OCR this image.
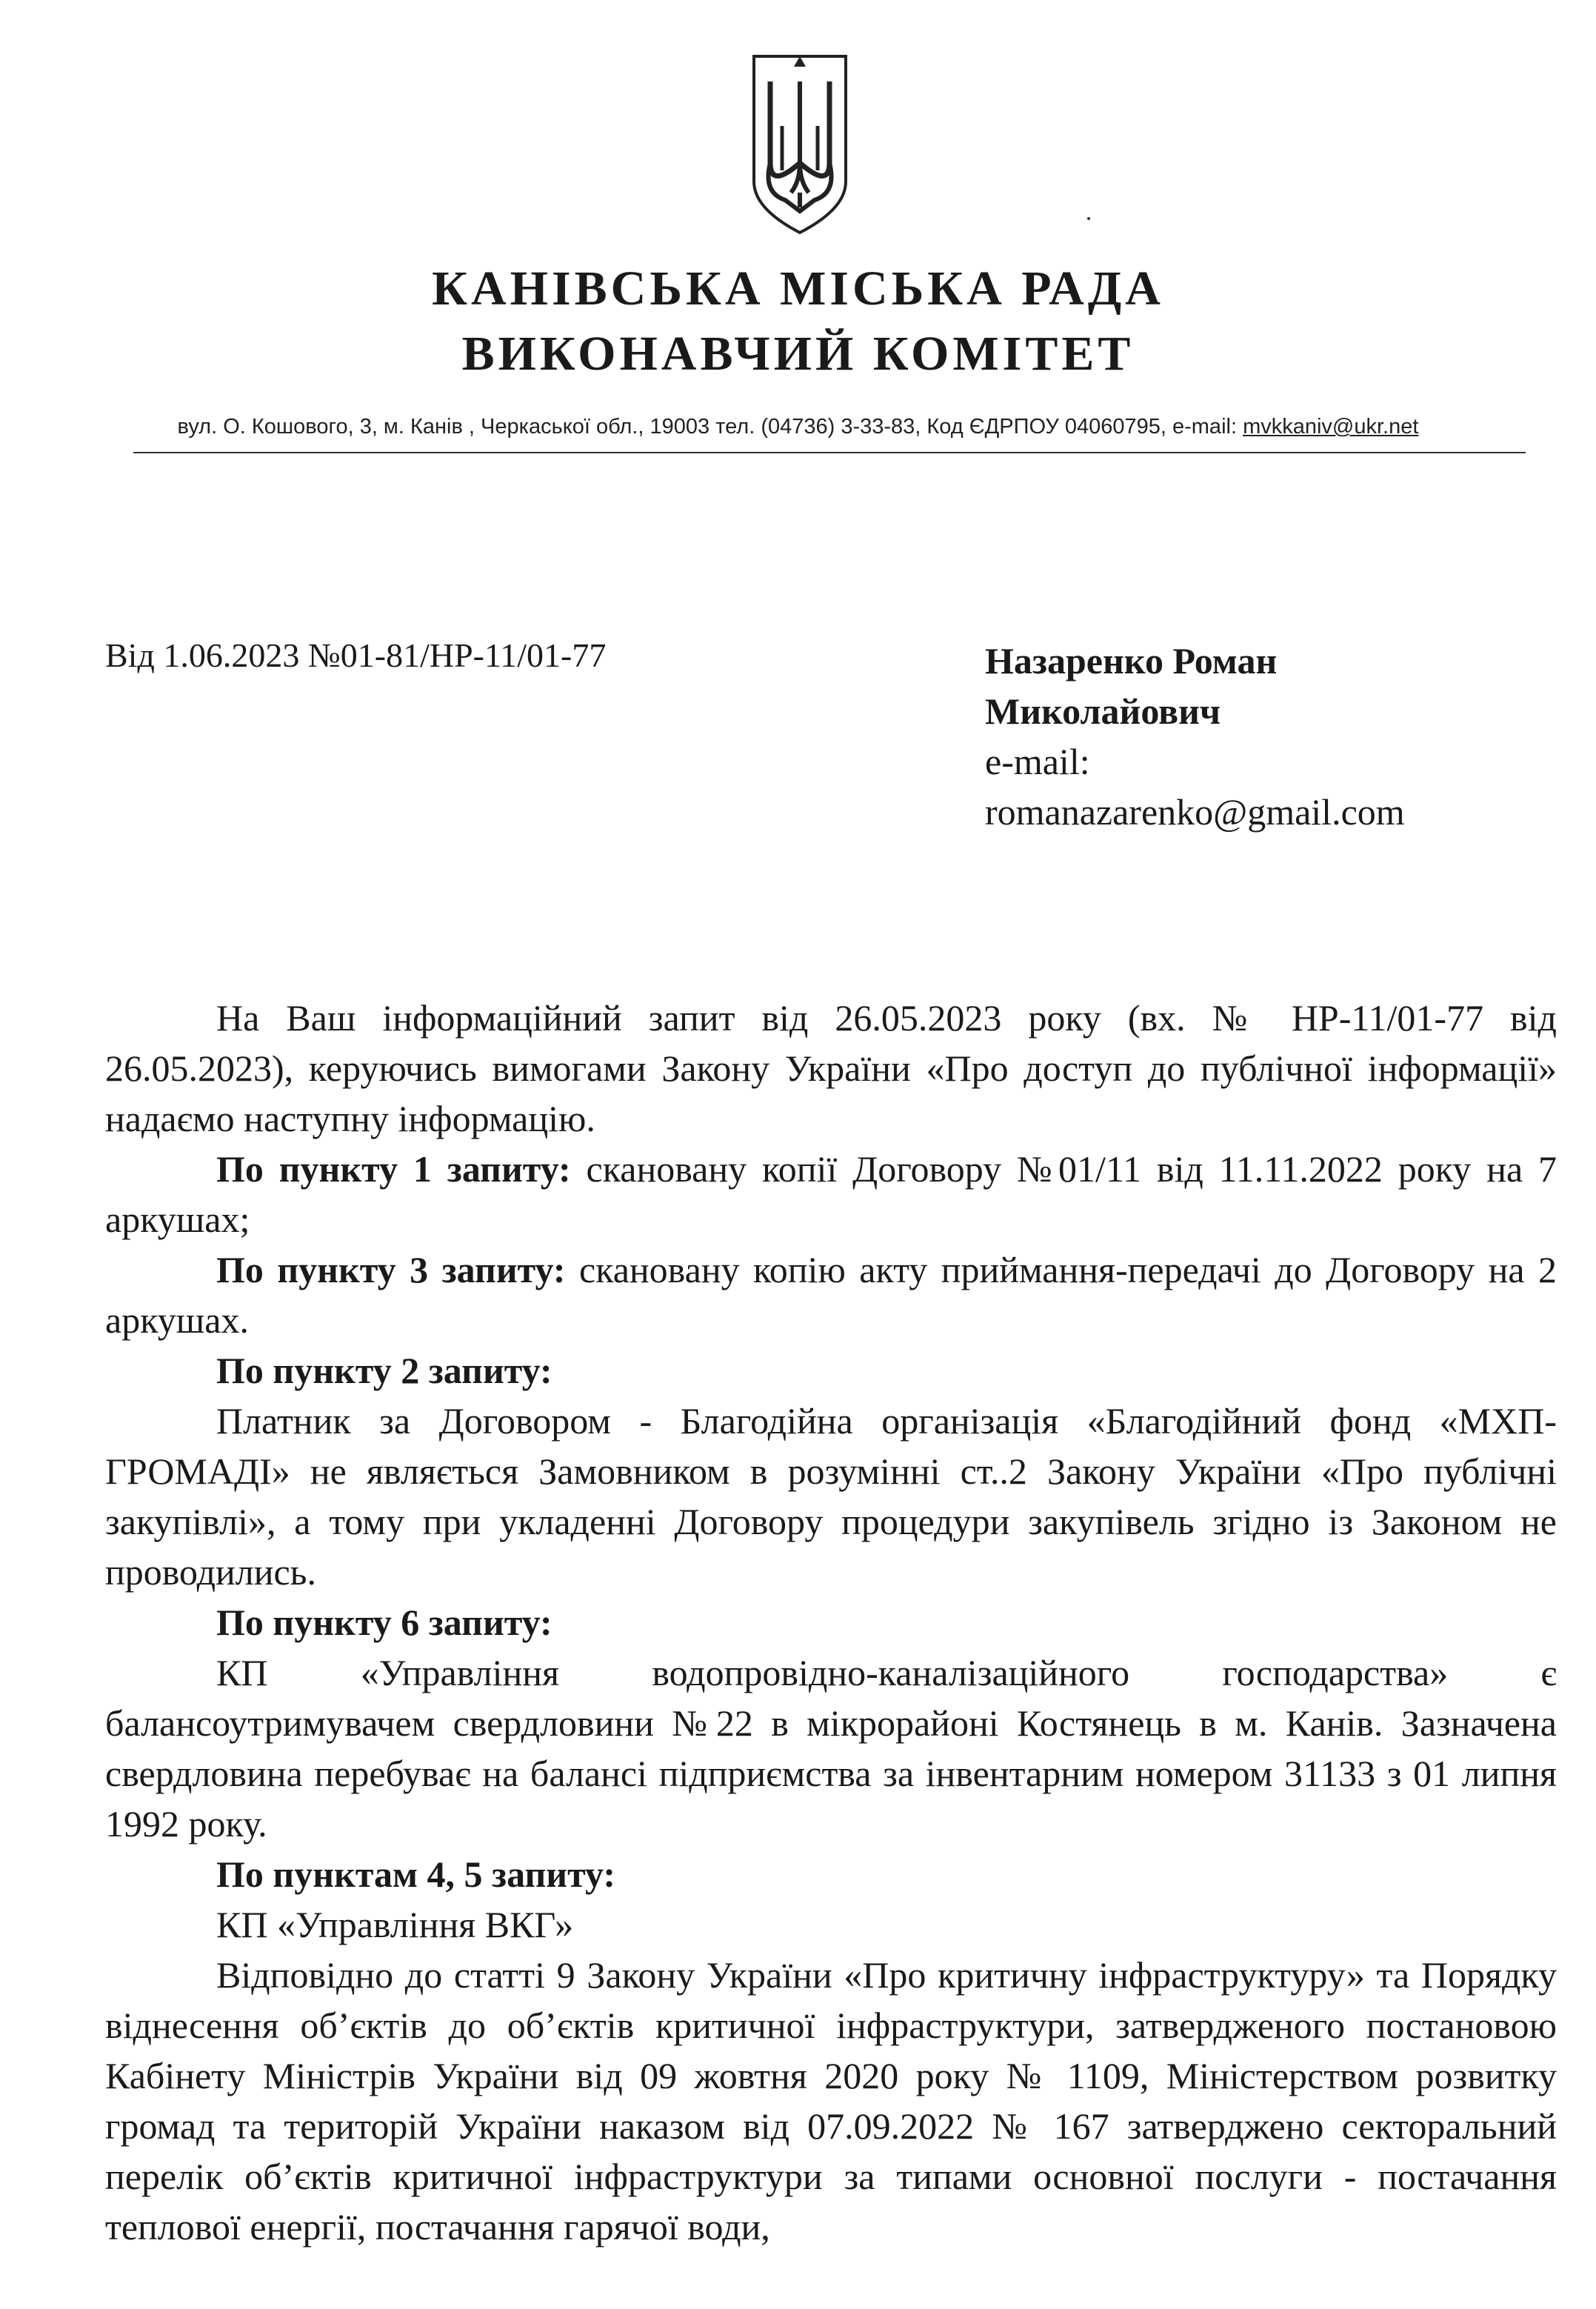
КАНІВСЬКА МІСЬКА РАДА
ВИКОНАВЧИЙ КОМІТЕТ
вул. О. Кошового, 3, м. Канів , Черкаської обл., 19003 тел. (04736) 3-33-83, Код ЄДРПОУ 04060795, e-mail: mvkkaniv@ukr.net
Від 1.06.2023 №01-81/НР-11/01-77	Назаренко Роман
Миколайович
e-mail:
romanazarenko@gmail.com

На Ваш інформаційний запит від 26.05.2023 року (вх. № НР-11/01-77 від 26.05.2023), керуючись вимогами Закону України «Про доступ до публічної інформації» надаємо наступну інформацію.

По пункту 1 запиту: скановану копії Договору №01/11 від 11.11.2022 року на 7 аркушах;

По пункту 3 запиту: скановану копію акту приймання-передачі до Договору на 2 аркушах.

По пункту 2 запиту:

Платник за Договором - Благодійна організація «Благодійний фонд «МХП-ГРОМАДІ» не являється Замовником в розумінні ст..2 Закону України «Про публічні закупівлі», а тому при укладенні Договору процедури закупівель згідно із Законом не проводились.

По пункту 6 запиту:

КП «Управління водопровідно-каналізаційного господарства» є балансоутримувачем свердловини №22 в мікрорайоні Костянець в м. Канів. Зазначена свердловина перебуває на балансі підприємства за інвентарним номером 31133 з 01 липня 1992 року.

По пунктам 4, 5 запиту:

КП «Управління ВКГ»

Відповідно до статті 9 Закону України «Про критичну інфраструктуру» та Порядку віднесення об’єктів до об’єктів критичної інфраструктури, затвердженого постановою Кабінету Міністрів України від 09 жовтня 2020 року № 1109, Міністерством розвитку громад та територій України наказом від 07.09.2022 № 167 затверджено секторальний перелік об’єктів критичної інфраструктури за типами основної послуги - постачання теплової енергії, постачання гарячої води,
